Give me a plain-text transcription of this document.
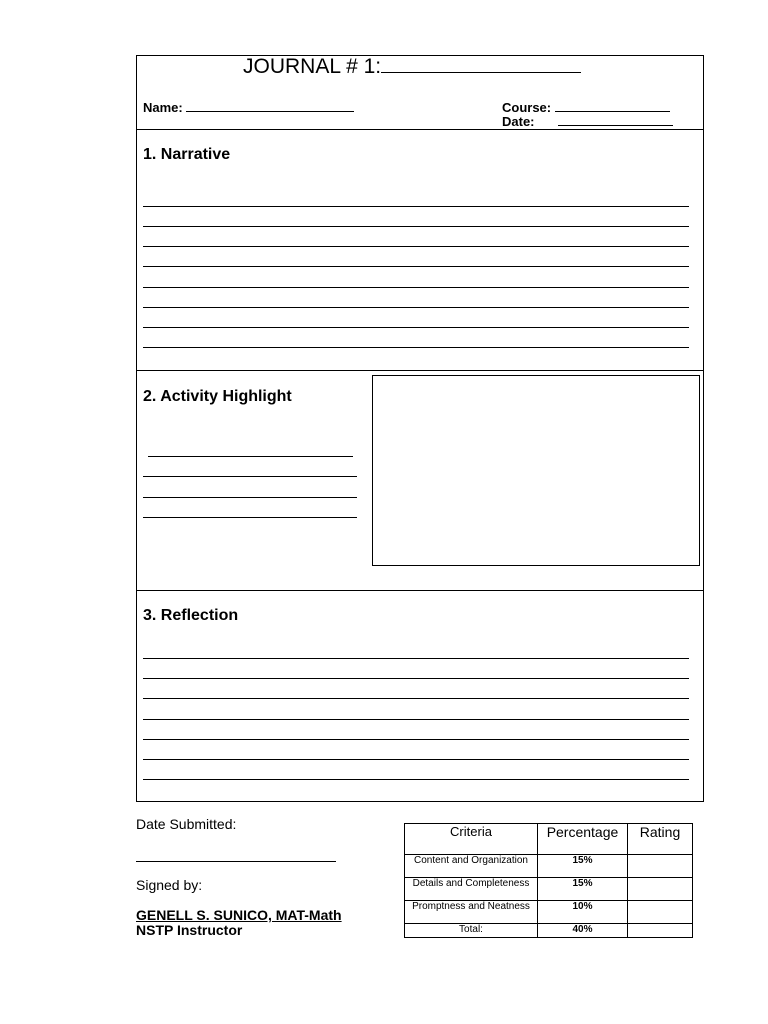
JOURNAL # 1:
Name:	Course:
Date:
1. Narrative
2. Activity Highlight
3. Reflection
Date Submitted:
Signed by:
GENELL S. SUNICO, MAT-Math
NSTP Instructor
Criteria	Percentage	Rating
Content and Organization	15%	
Details and Completeness	15%	
Promptness and Neatness	10%	
Total:	40%	
